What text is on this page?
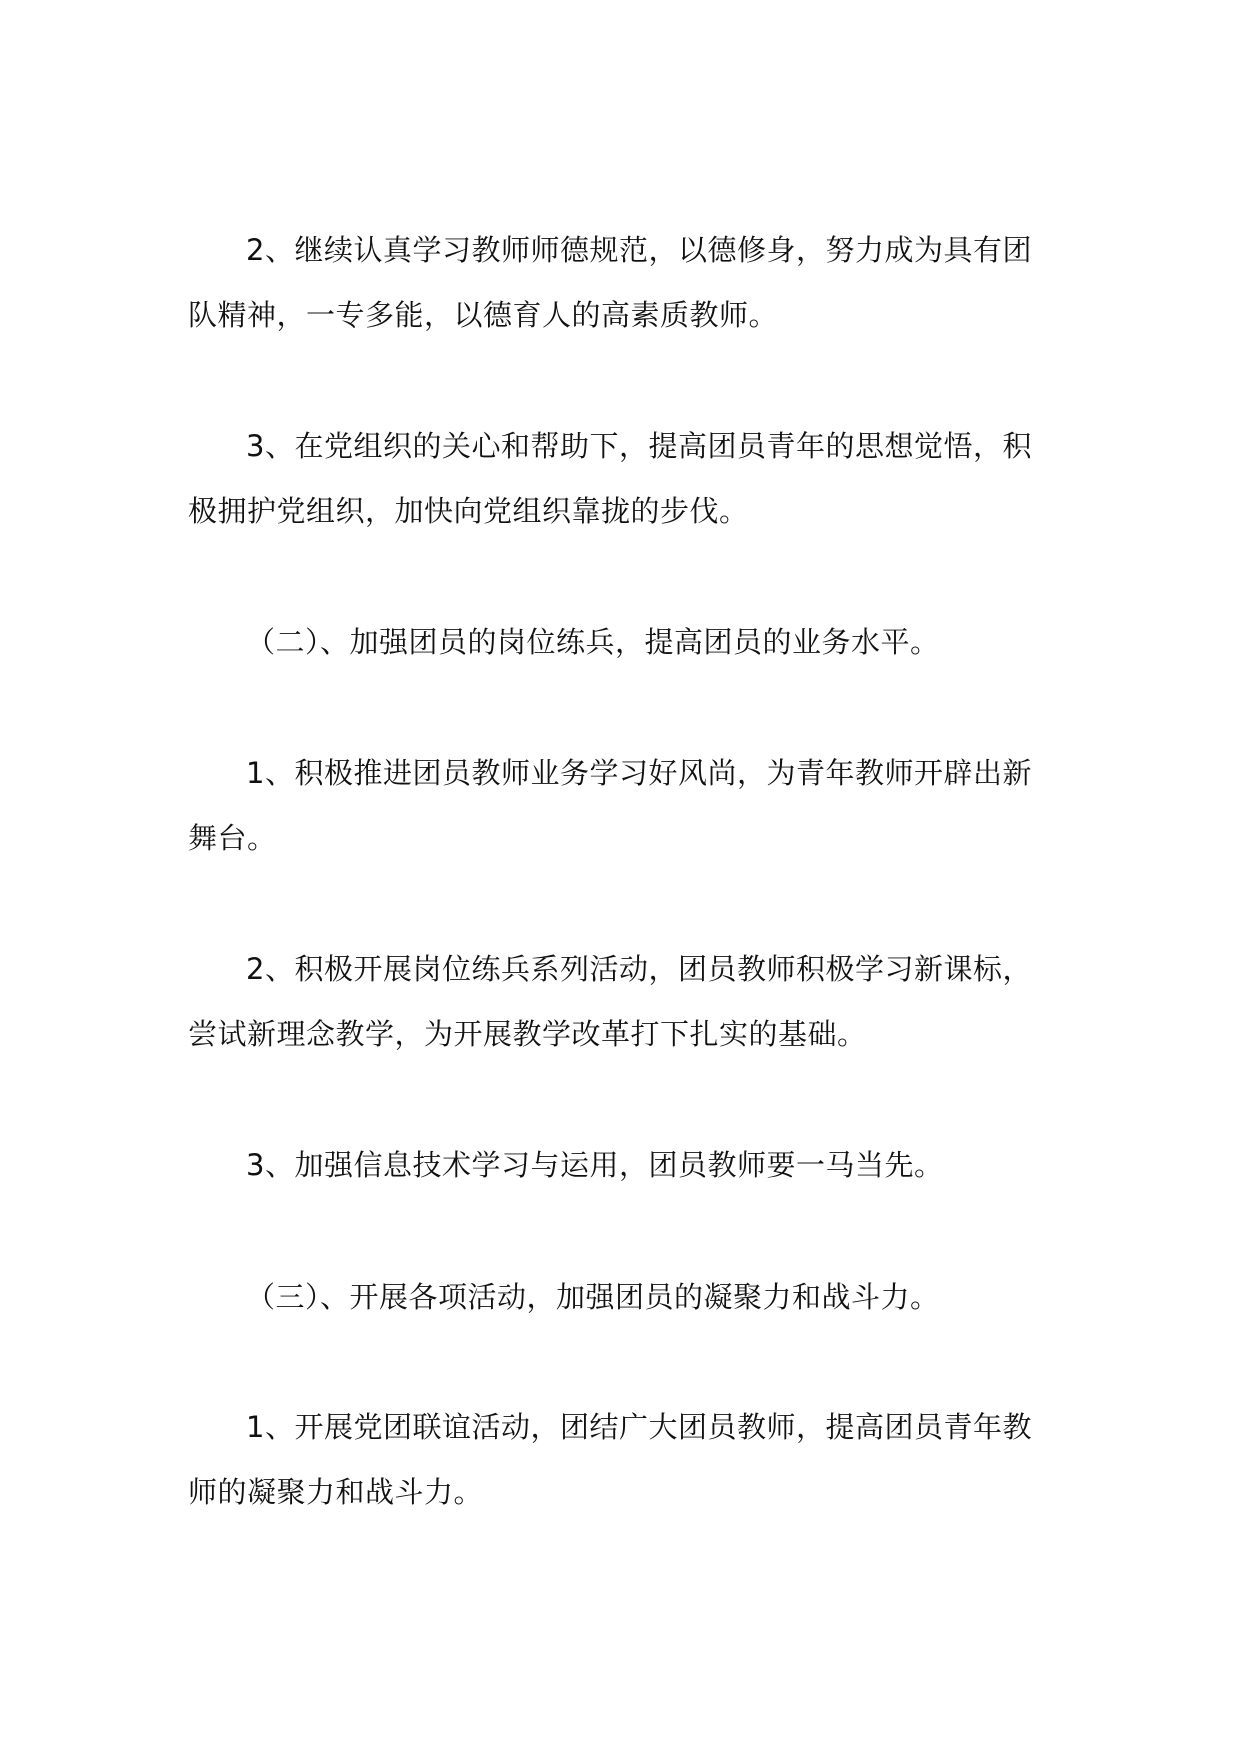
2、继续认真学习教师师德规范，以德修身，努力成为具有团队精神，一专多能，以德育人的高素质教师。

3、在党组织的关心和帮助下，提高团员青年的思想觉悟，积极拥护党组织，加快向党组织靠拢的步伐。

（二）、加强团员的岗位练兵，提高团员的业务水平。

1、积极推进团员教师业务学习好风尚，为青年教师开辟出新舞台。

2、积极开展岗位练兵系列活动，团员教师积极学习新课标，尝试新理念教学，为开展教学改革打下扎实的基础。

3、加强信息技术学习与运用，团员教师要一马当先。

（三）、开展各项活动，加强团员的凝聚力和战斗力。

1、开展党团联谊活动，团结广大团员教师，提高团员青年教师的凝聚力和战斗力。
